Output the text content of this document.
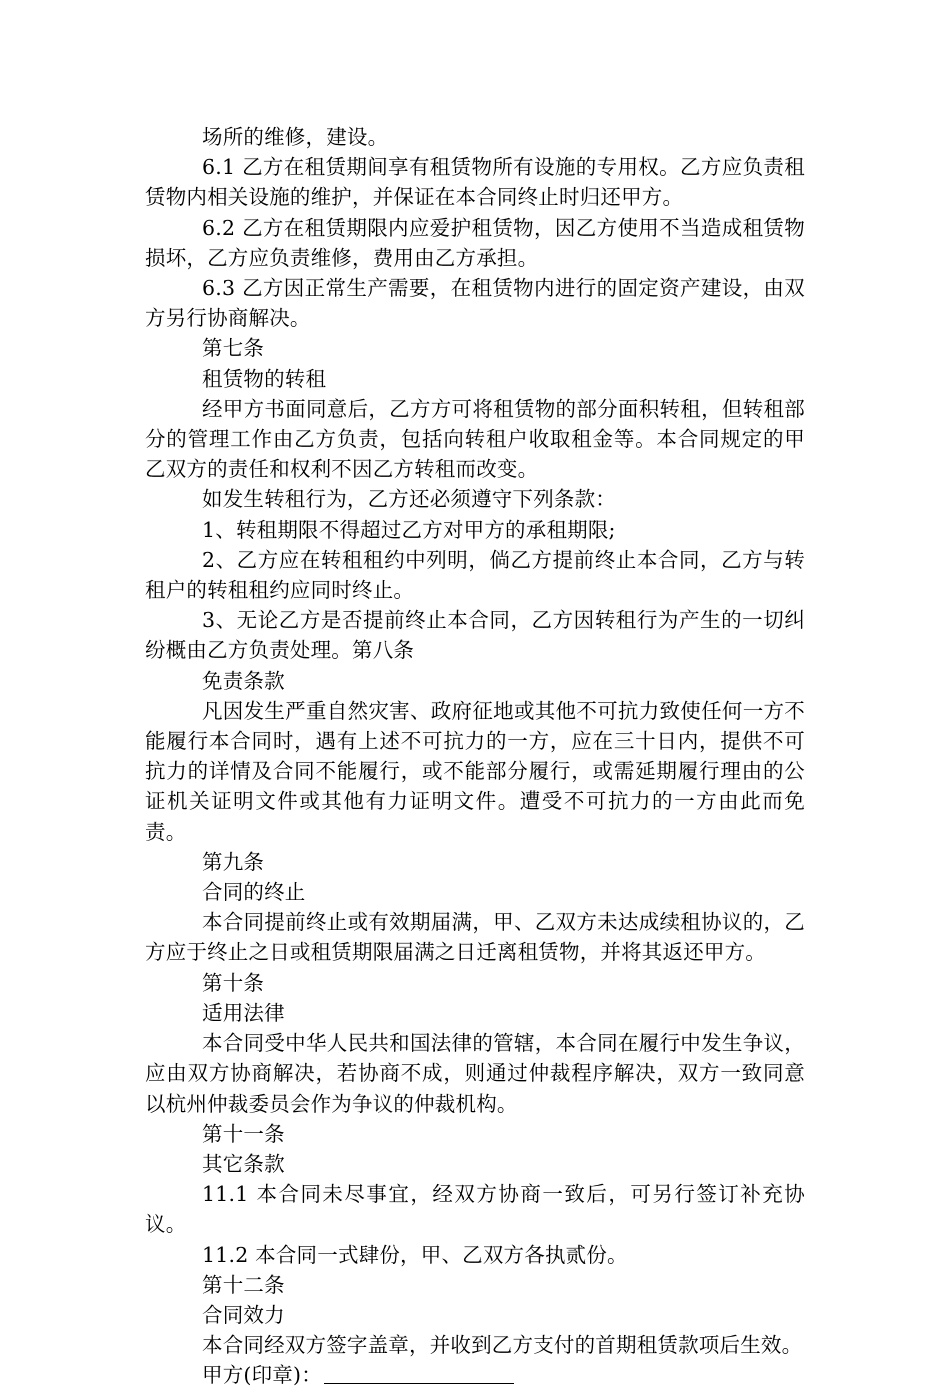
场所的维修，建设。

6.1 乙方在租赁期间享有租赁物所有设施的专用权。乙方应负责租赁物内相关设施的维护，并保证在本合同终止时归还甲方。

6.2 乙方在租赁期限内应爱护租赁物，因乙方使用不当造成租赁物损坏，乙方应负责维修，费用由乙方承担。

6.3 乙方因正常生产需要，在租赁物内进行的固定资产建设，由双方另行协商解决。

第七条

租赁物的转租

经甲方书面同意后，乙方方可将租赁物的部分面积转租，但转租部分的管理工作由乙方负责，包括向转租户收取租金等。本合同规定的甲乙双方的责任和权利不因乙方转租而改变。

如发生转租行为，乙方还必须遵守下列条款：

1、转租期限不得超过乙方对甲方的承租期限;

2、乙方应在转租租约中列明，倘乙方提前终止本合同，乙方与转租户的转租租约应同时终止。

3、无论乙方是否提前终止本合同，乙方因转租行为产生的一切纠纷概由乙方负责处理。第八条

免责条款

凡因发生严重自然灾害、政府征地或其他不可抗力致使任何一方不能履行本合同时，遇有上述不可抗力的一方，应在三十日内，提供不可抗力的详情及合同不能履行，或不能部分履行，或需延期履行理由的公证机关证明文件或其他有力证明文件。遭受不可抗力的一方由此而免责。

第九条

合同的终止

本合同提前终止或有效期届满，甲、乙双方未达成续租协议的，乙方应于终止之日或租赁期限届满之日迁离租赁物，并将其返还甲方。

第十条

适用法律

本合同受中华人民共和国法律的管辖，本合同在履行中发生争议，应由双方协商解决，若协商不成，则通过仲裁程序解决，双方一致同意以杭州仲裁委员会作为争议的仲裁机构。

第十一条

其它条款

11.1 本合同未尽事宜，经双方协商一致后，可另行签订补充协议。

11.2 本合同一式肆份，甲、乙双方各执贰份。

第十二条

合同效力

本合同经双方签字盖章，并收到乙方支付的首期租赁款项后生效。

甲方(印章)：
